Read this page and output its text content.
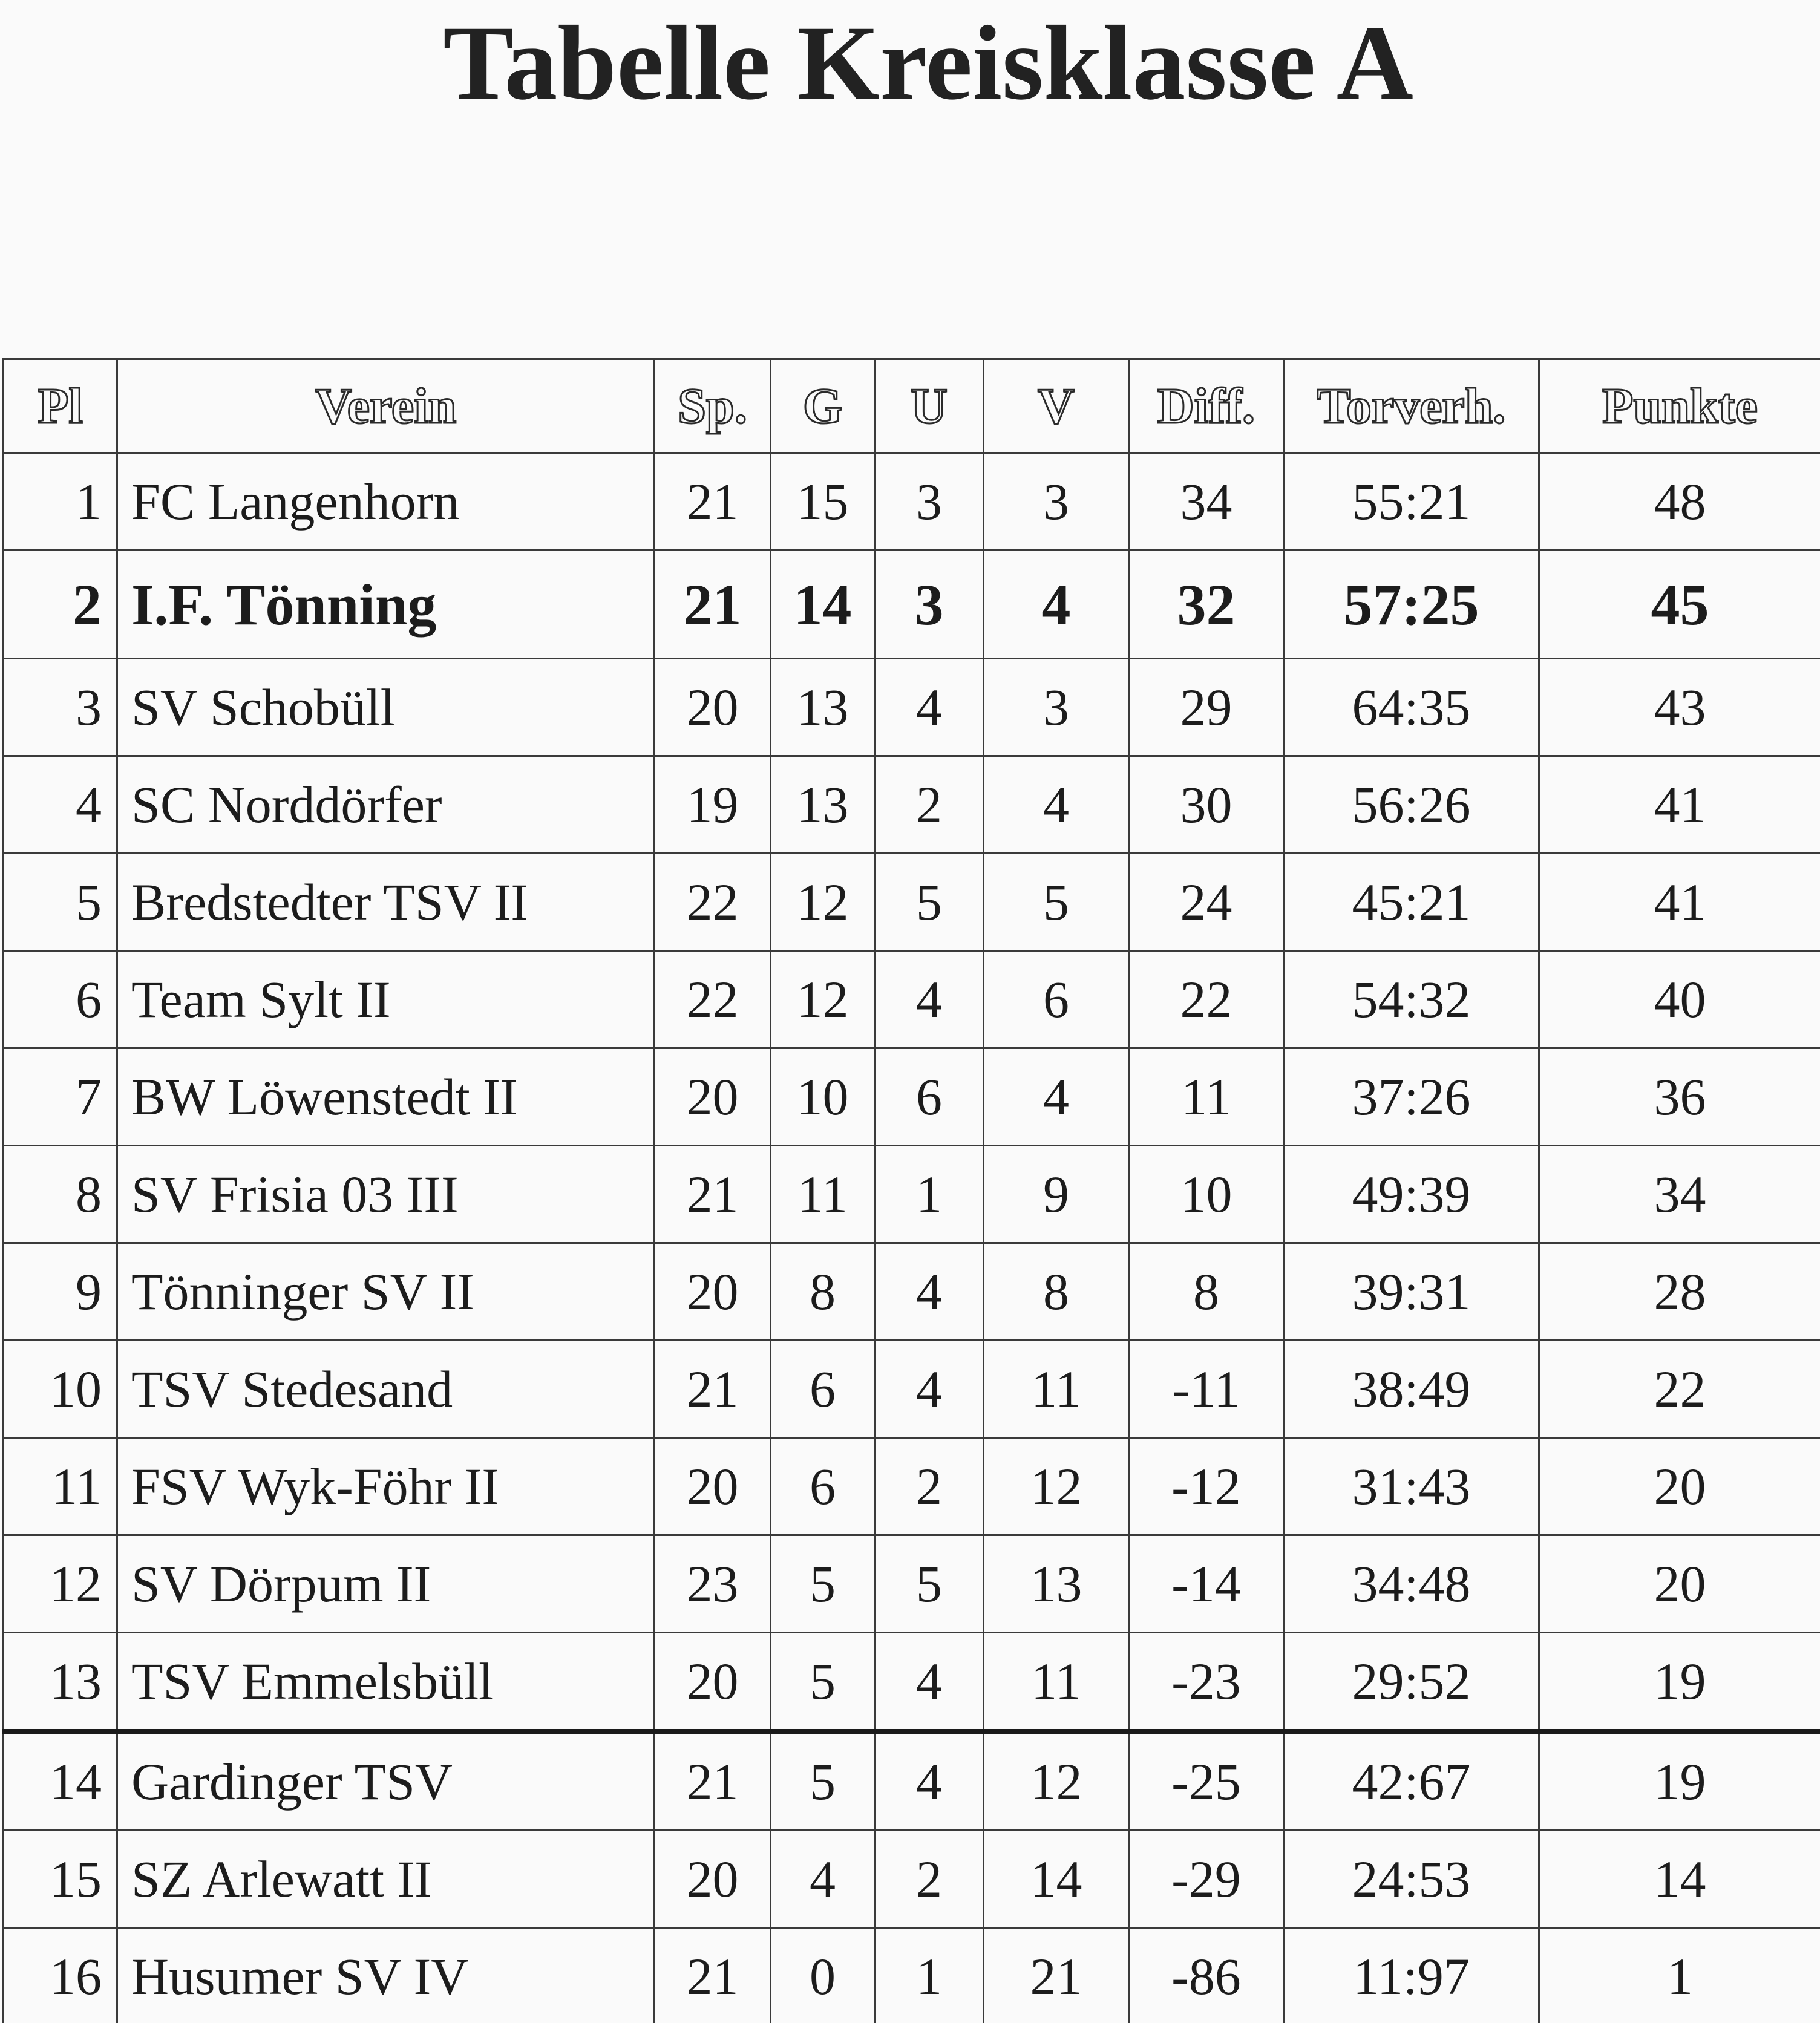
Tabelle Kreisklasse A
Pl	Verein	Sp.	G	U	V	Diff.	Torverh.	Punkte
1	FC Langenhorn	21	15	3	3	34	55:21	48
2	I.F. Tönning	21	14	3	4	32	57:25	45
3	SV Schobüll	20	13	4	3	29	64:35	43
4	SC Norddörfer	19	13	2	4	30	56:26	41
5	Bredstedter TSV II	22	12	5	5	24	45:21	41
6	Team Sylt II	22	12	4	6	22	54:32	40
7	BW Löwenstedt II	20	10	6	4	11	37:26	36
8	SV Frisia 03 III	21	11	1	9	10	49:39	34
9	Tönninger SV II	20	8	4	8	8	39:31	28
10	TSV Stedesand	21	6	4	11	-11	38:49	22
11	FSV Wyk-Föhr II	20	6	2	12	-12	31:43	20
12	SV Dörpum II	23	5	5	13	-14	34:48	20
13	TSV Emmelsbüll	20	5	4	11	-23	29:52	19
14	Gardinger TSV	21	5	4	12	-25	42:67	19
15	SZ Arlewatt II	20	4	2	14	-29	24:53	14
16	Husumer SV IV	21	0	1	21	-86	11:97	1
